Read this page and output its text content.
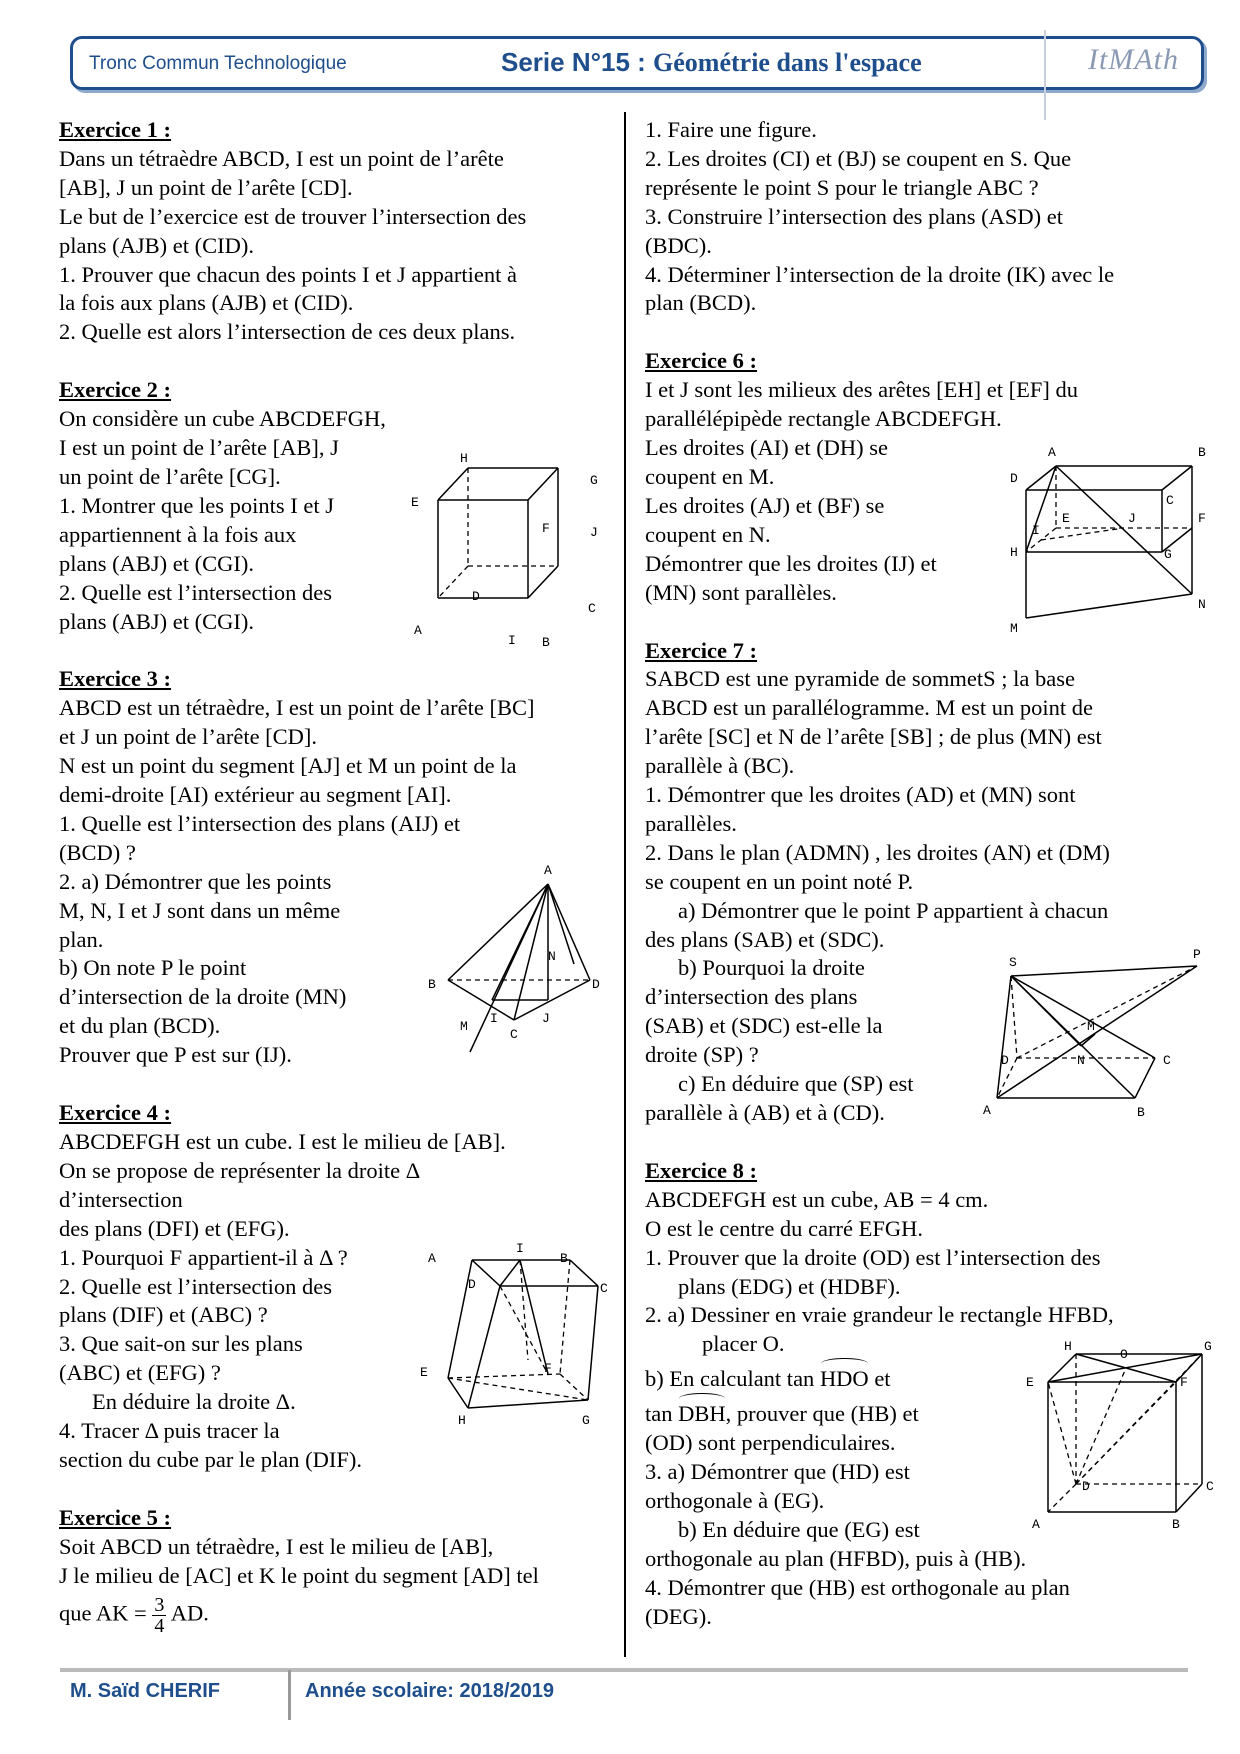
Tronc Commun Technologique	Serie N°15 : Géométrie dans l'espace	ItMAth

Exercice 1 :

Dans un tétraèdre ABCD, I est un point de l’arête

[AB], J un point de l’arête [CD].

Le but de l’exercice est de trouver l’intersection des

plans (AJB) et (CID).

1. Prouver que chacun des points I et J appartient à

la fois aux plans (AJB) et (CID).

2. Quelle est alors l’intersection de ces deux plans.

Exercice 2 :

On considère un cube ABCDEFGH,

I est un point de l’arête [AB], J

un point de l’arête [CG].

1. Montrer que les points I et J

appartiennent à la fois aux

plans (ABJ) et (CGI).

2. Quelle est l’intersection des

plans (ABJ) et (CGI).

Exercice 3 :

ABCD est un tétraèdre, I est un point de l’arête [BC]

et J un point de l’arête [CD].

N est un point du segment [AJ] et M un point de la

demi-droite [AI) extérieur au segment [AI].

1. Quelle est l’intersection des plans (AIJ) et

(BCD) ?

2. a) Démontrer que les points

M, N, I et J sont dans un même

plan.

b) On note P le point

d’intersection de la droite (MN)

et du plan (BCD).

Prouver que P est sur (IJ).

Exercice 4 :

ABCDEFGH est un cube. I est le milieu de [AB].

On se propose de représenter la droite Δ

d’intersection

des plans (DFI) et (EFG).

1. Pourquoi F appartient-il à Δ ?

2. Quelle est l’intersection des

plans (DIF) et (ABC) ?

3. Que sait-on sur les plans

(ABC) et (EFG) ?

En déduire la droite Δ.

4. Tracer Δ puis tracer la

section du cube par le plan (DIF).

Exercice 5 :

Soit ABCD un tétraèdre, I est le milieu de [AB],

J le milieu de [AC] et K le point du segment [AD] tel

que AK = $\frac{3}{4}$ AD.

1. Faire une figure.

2. Les droites (CI) et (BJ) se coupent en S. Que

représente le point S pour le triangle ABC ?

3. Construire l’intersection des plans (ASD) et

(BDC).

4. Déterminer l’intersection de la droite (IK) avec le

plan (BCD).

Exercice 6 :

I et J sont les milieux des arêtes [EH] et [EF] du

parallélépipède rectangle ABCDEFGH.

Les droites (AI) et (DH) se

coupent en M.

Les droites (AJ) et (BF) se

coupent en N.

Démontrer que les droites (IJ) et

(MN) sont parallèles.

Exercice 7 :

SABCD est une pyramide de sommetS ; la base

ABCD est un parallélogramme. M est un point de

l’arête [SC] et N de l’arête [SB] ; de plus (MN) est

parallèle à (BC).

1. Démontrer que les droites (AD) et (MN) sont

parallèles.

2. Dans le plan (ADMN) , les droites (AN) et (DM)

se coupent en un point noté P.

a) Démontrer que le point P appartient à chacun

des plans (SAB) et (SDC).

b) Pourquoi la droite

d’intersection des plans

(SAB) et (SDC) est-elle la

droite (SP) ?

c) En déduire que (SP) est

parallèle à (AB) et à (CD).

Exercice 8 :

ABCDEFGH est un cube, AB = 4 cm.

O est le centre du carré EFGH.

1. Prouver que la droite (OD) est l’intersection des

plans (EDG) et (HDBF).

2. a) Dessiner en vraie grandeur le rectangle HFBD,

placer O.

b) En calculant tan HDO et

tan DBH, prouver que (HB) et

(OD) sont perpendiculaires.

3. a) Démontrer que (HD) est

orthogonale à (EG).

b) En déduire que (EG) est

orthogonale au plan (HFBD), puis à (HB).

4. Démontrer que (HB) est orthogonale au plan

(DEG).

H
G
E
F	J
D
C
A
I B
A
N
B	D
M
I	J
C
I
A	B
D	C
E	F
H	G
A	B
D
C
F
I
E	J
H	G
M
N
S
P
M
D	N	C
A	B
H
O
G
E	F
D	C
A	B
M. Saïd CHERIF	Année scolaire: 2018/2019
